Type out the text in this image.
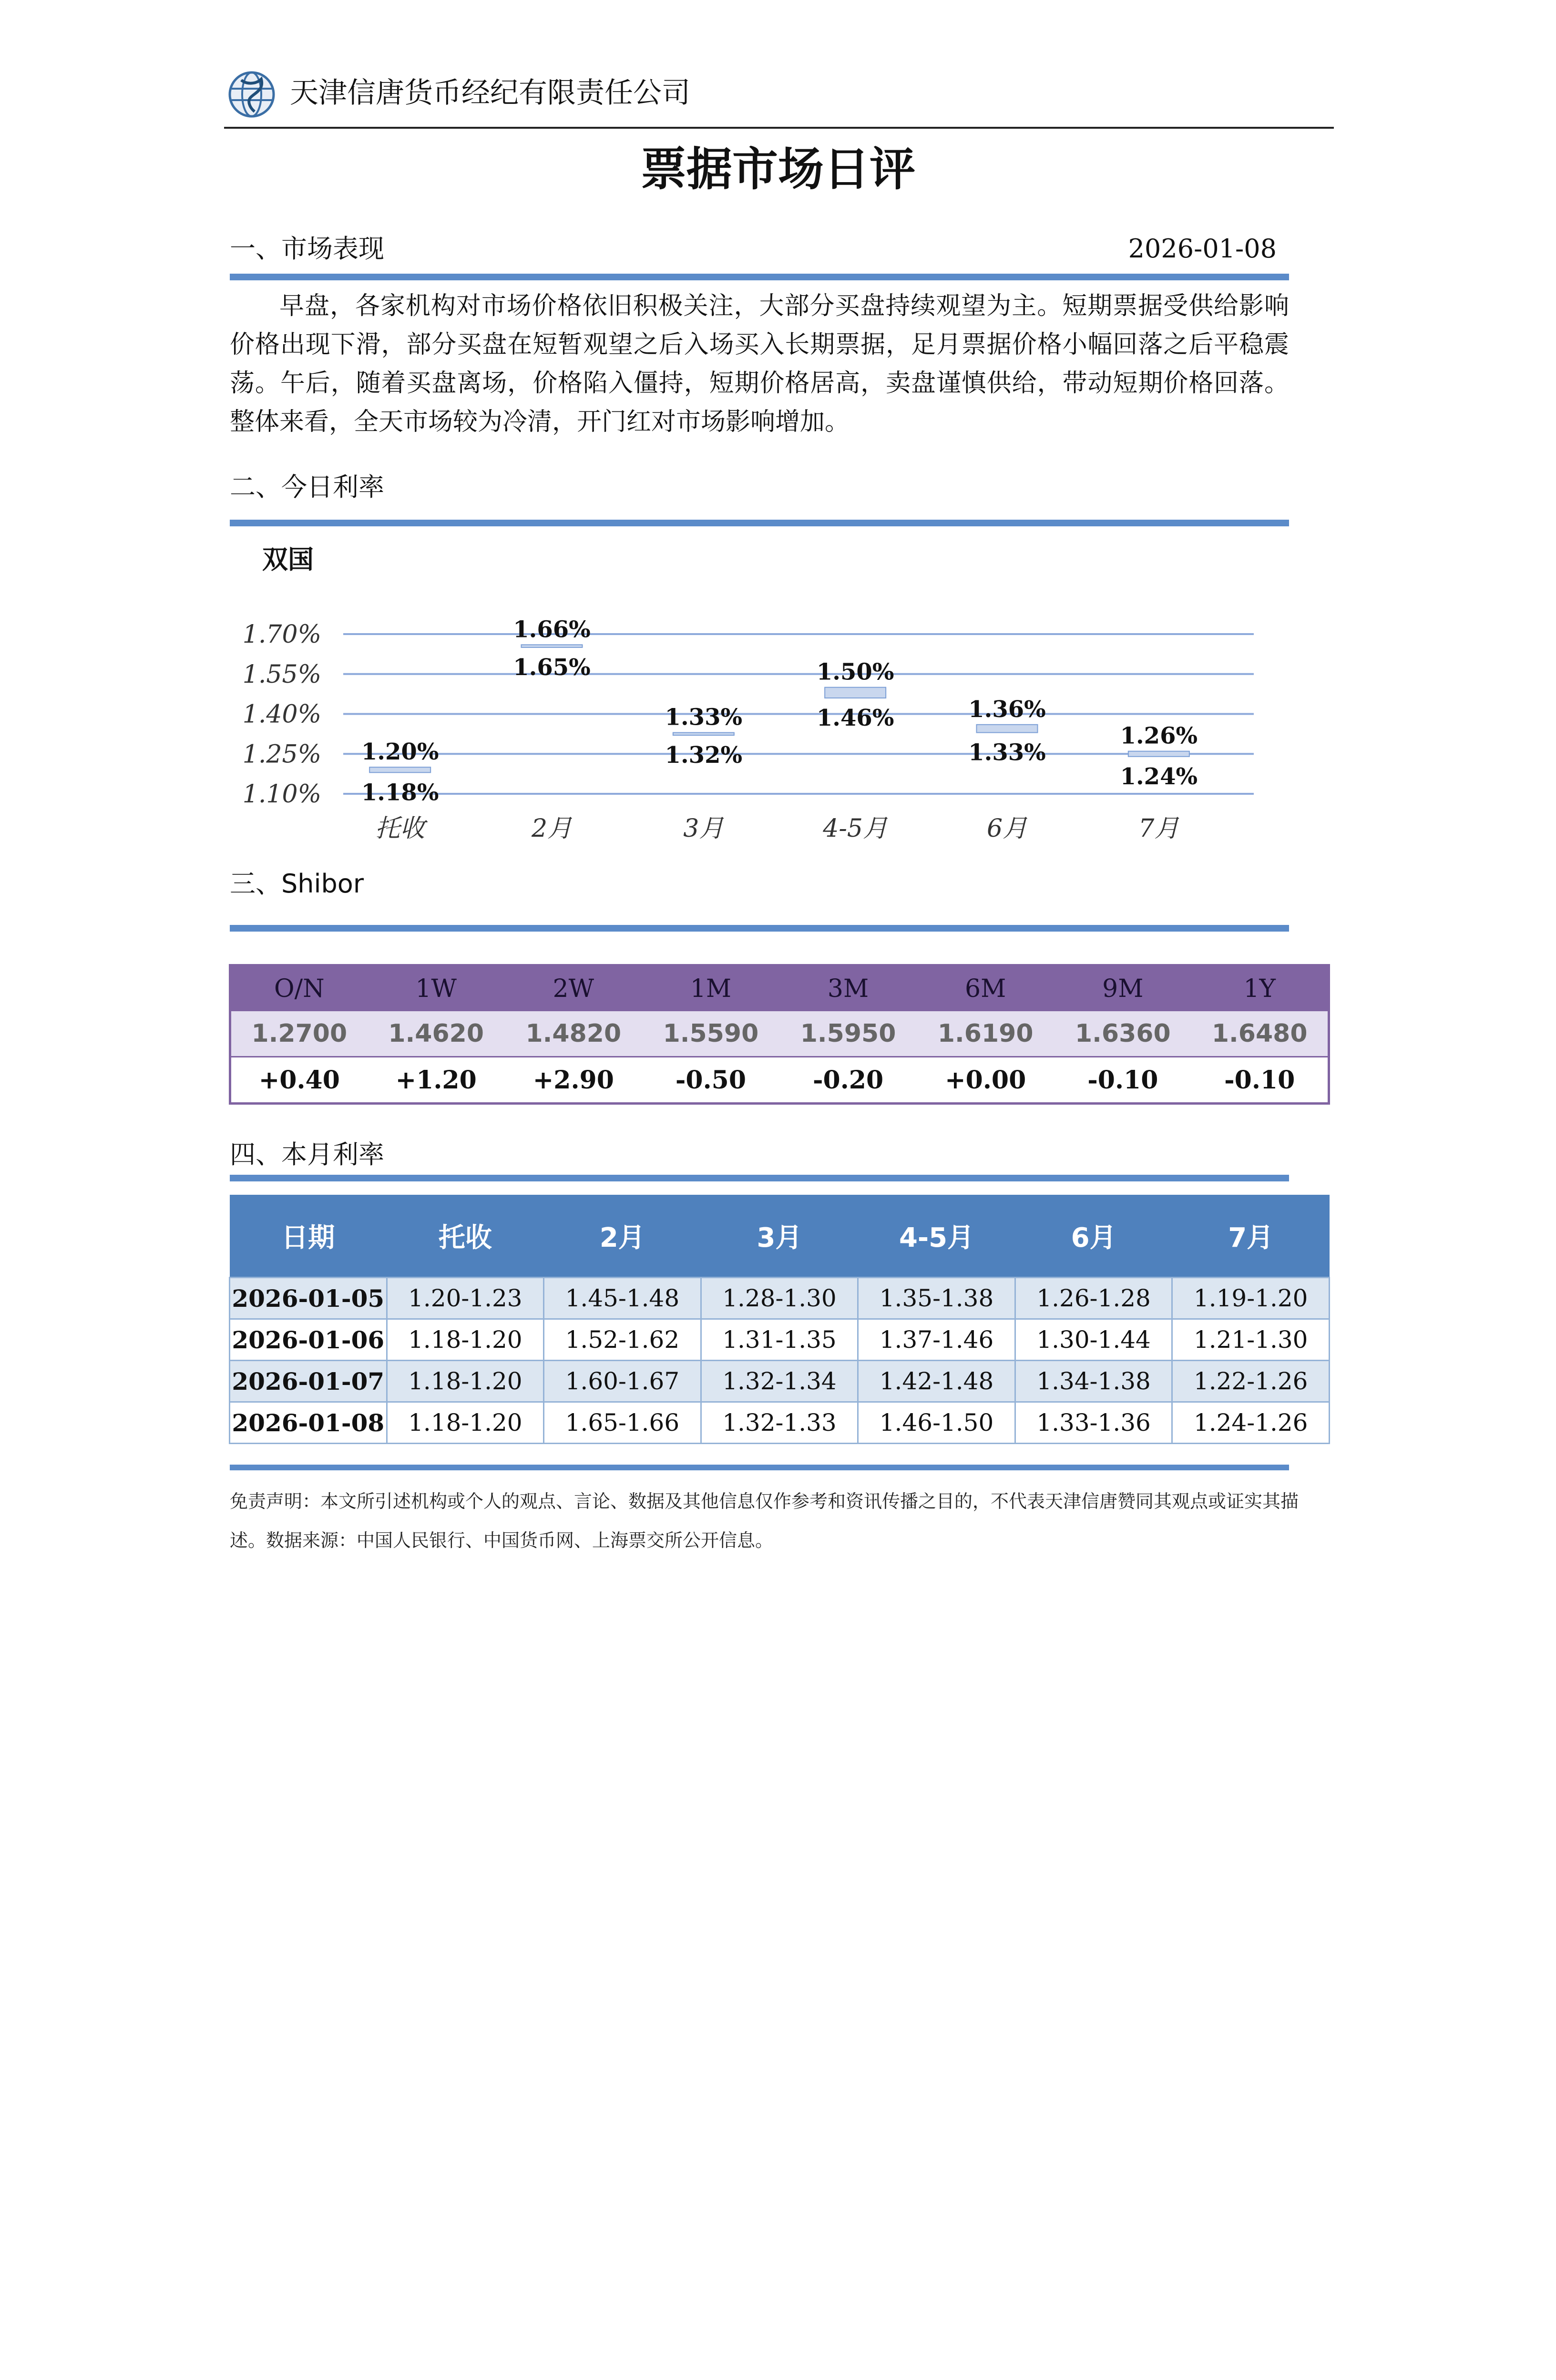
天津信唐货币经纪有限责任公司
票据市场日评
一、市场表现	2026-01-08
早盘，各家机构对市场价格依旧积极关注，大部分买盘持续观望为主。短期票据受供给影响价格出现下滑，部分买盘在短暂观望之后入场买入长期票据，足月票据价格小幅回落之后平稳震荡。午后，随着买盘离场，价格陷入僵持，短期价格居高，卖盘谨慎供给，带动短期价格回落。整体来看，全天市场较为冷清，开门红对市场影响增加。
二、今日利率
双国
1.70%
1.55%
1.40%
1.25%
1.10%
1.20%
1.18%
1.66%
1.65%
1.33%
1.32%
1.50%
1.46%	1.36%
1.33%
1.26%
1.24%
托收	2月	3月	4-5月	6月	7月
三、Shibor
O/N	1W	2W	1M	3M	6M	9M	1Y
1.2700	1.4620	1.4820	1.5590	1.5950	1.6190	1.6360	1.6480
+0.40	+1.20	+2.90	-0.50	-0.20	+0.00	-0.10	-0.10
四、本月利率
日期	托收	2月	3月	4-5月	6月	7月
2026-01-05	1.20-1.23	1.45-1.48	1.28-1.30	1.35-1.38	1.26-1.28	1.19-1.20
2026-01-06	1.18-1.20	1.52-1.62	1.31-1.35	1.37-1.46	1.30-1.44	1.21-1.30
2026-01-07	1.18-1.20	1.60-1.67	1.32-1.34	1.42-1.48	1.34-1.38	1.22-1.26
2026-01-08	1.18-1.20	1.65-1.66	1.32-1.33	1.46-1.50	1.33-1.36	1.24-1.26
免责声明：本文所引述机构或个人的观点、言论、数据及其他信息仅作参考和资讯传播之目的，不代表天津信唐赞同其观点或证实其描述。数据来源：中国人民银行、中国货币网、上海票交所公开信息。
